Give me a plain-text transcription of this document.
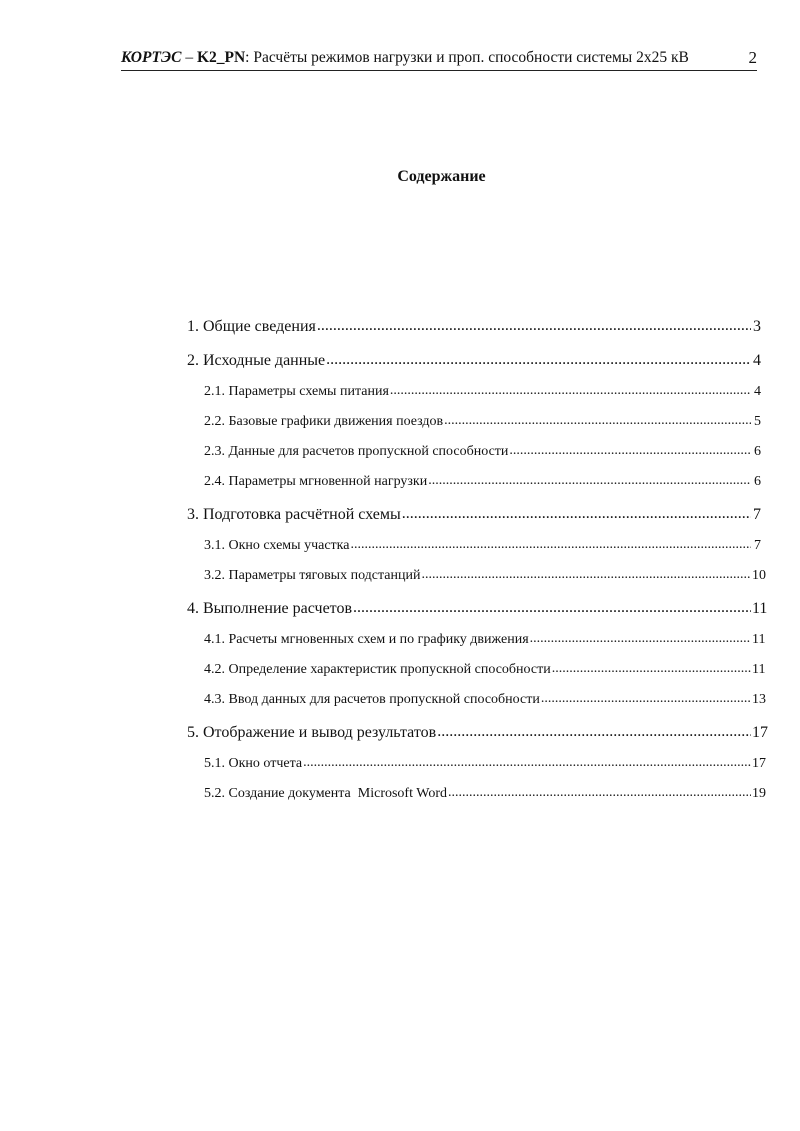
КОРТЭС – K2_PN: Расчёты режимов нагрузки и проп. способности системы 2х25 кВ	2
Содержание
1. Общие сведения .....	3
2. Исходные данные .....	4
2.1. Параметры схемы питания .....	4
2.2. Базовые графики движения поездов .....	5
2.3. Данные для расчетов пропускной способности .....	6
2.4. Параметры мгновенной нагрузки .....	6
3. Подготовка расчётной схемы .....	7
3.1. Окно схемы участка .....	7
3.2. Параметры тяговых подстанций .....	10
4. Выполнение расчетов .....	11
4.1. Расчеты мгновенных схем и по графику движения .....	11
4.2. Определение характеристик пропускной способности .....	11
4.3. Ввод данных для расчетов пропускной способности .....	13
5. Отображение и вывод результатов .....	17
5.1. Окно отчета .....	17
5.2. Создание документа  Microsoft Word .....	19
